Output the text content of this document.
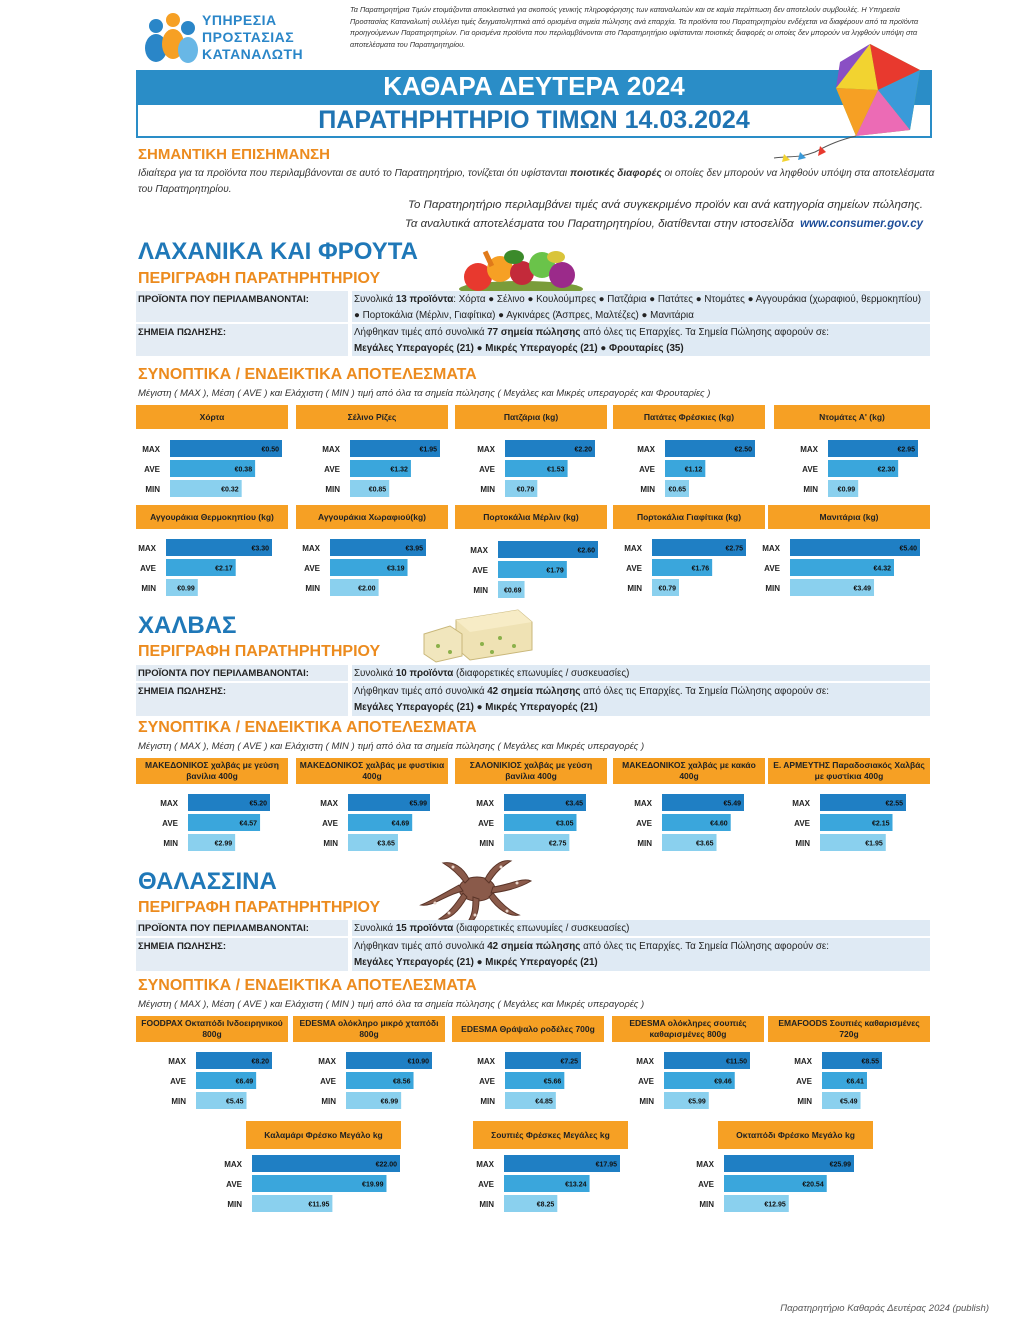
ΥΠΗΡΕΣΙΑ
ΠΡΟΣΤΑΣΙΑΣ
ΚΑΤΑΝΑΛΩΤΗ
Τα Παρατηρητήρια Τιμών ετοιμάζονται αποκλειστικά για σκοπούς γενικής πληροφόρησης των καταναλωτών και σε καμία περίπτωση δεν αποτελούν συμβουλές. Η Υπηρεσία Προστασίας Καταναλωτή συλλέγει τιμές δειγματοληπτικά από ορισμένα σημεία πώλησης ανά επαρχία. Τα προϊόντα του Παρατηρητηρίου ενδέχεται να διαφέρουν από τα προϊόντα προηγούμενων Παρατηρητηρίων. Για ορισμένα προϊόντα που περιλαμβάνονται στο Παρατηρητήριο υφίστανται ποιοτικές διαφορές οι οποίες δεν μπορούν να ληφθούν υπόψη στα αποτελέσματα του Παρατηρητηρίου.
ΚΑΘΑΡΑ ΔΕΥΤΕΡΑ 2024
ΠΑΡΑΤΗΡΗΤΗΡΙΟ ΤΙΜΩΝ 14.03.2024
ΣΗΜΑΝΤΙΚΗ ΕΠΙΣΗΜΑΝΣΗ
Ιδιαίτερα για τα προϊόντα που περιλαμβάνονται σε αυτό το Παρατηρητήριο, τονίζεται ότι υφίστανται ποιοτικές διαφορές οι οποίες δεν μπορούν να ληφθούν υπόψη στα αποτελέσματα του Παρατηρητηρίου.
Το Παρατηρητήριο περιλαμβάνει τιμές ανά συγκεκριμένο προϊόν και ανά κατηγορία σημείων πώλησης.
Τα αναλυτικά αποτελέσματα του Παρατηρητηρίου, διατίθενται στην ιστοσελίδα www.consumer.gov.cy
ΛΑΧΑΝΙΚΑ ΚΑΙ ΦΡΟΥΤΑ
ΠΕΡΙΓΡΑΦΗ ΠΑΡΑΤΗΡΗΤΗΡΙΟΥ
ΠΡΟΪΟΝΤΑ ΠΟΥ ΠΕΡΙΛΑΜΒΑΝΟΝΤΑΙ:	Συνολικά 13 προϊόντα: Χόρτα ● Σέλινο ● Κουλούμπρες ● Πατζάρια ● Πατάτες ● Ντομάτες ● Αγγουράκια (χωραφιού, θερμοκηπίου) ● Πορτοκάλια (Μέρλιν, Γιαφίτικα) ● Αγκινάρες (Άσπρες, Μαλτέζες) ● Μανιτάρια
ΣΗΜΕΙΑ ΠΩΛΗΣΗΣ:	Λήφθηκαν τιμές από συνολικά 77 σημεία πώλησης από όλες τις Επαρχίες. Τα Σημεία Πώλησης αφορούν σε:
Μεγάλες Υπεραγορές (21) ● Μικρές Υπεραγορές (21) ● Φρουταρίες (35)
ΣΥΝΟΠΤΙΚΑ / ΕΝΔΕΙΚΤΙΚΑ ΑΠΟΤΕΛΕΣΜΑΤΑ
Μέγιστη ( MAX ), Μέση ( AVE ) και Ελάχιστη ( MIN ) τιμή από όλα τα σημεία πώλησης ( Μεγάλες και Μικρές υπεραγορές και Φρουταρίες )
ΧΑΛΒΑΣ
ΠΕΡΙΓΡΑΦΗ ΠΑΡΑΤΗΡΗΤΗΡΙΟΥ
ΠΡΟΪΟΝΤΑ ΠΟΥ ΠΕΡΙΛΑΜΒΑΝΟΝΤΑΙ:	Συνολικά 10 προϊόντα (διαφορετικές επωνυμίες / συσκευασίες)
ΣΗΜΕΙΑ ΠΩΛΗΣΗΣ:	Λήφθηκαν τιμές από συνολικά 42 σημεία πώλησης από όλες τις Επαρχίες. Τα Σημεία Πώλησης αφορούν σε:
Μεγάλες Υπεραγορές (21) ● Μικρές Υπεραγορές (21)
ΣΥΝΟΠΤΙΚΑ / ΕΝΔΕΙΚΤΙΚΑ ΑΠΟΤΕΛΕΣΜΑΤΑ
Μέγιστη ( MAX ), Μέση ( AVE ) και Ελάχιστη ( MIN ) τιμή από όλα τα σημεία πώλησης ( Μεγάλες και Μικρές υπεραγορές )
ΘΑΛΑΣΣΙΝΑ
ΠΕΡΙΓΡΑΦΗ ΠΑΡΑΤΗΡΗΤΗΡΙΟΥ
ΠΡΟΪΟΝΤΑ ΠΟΥ ΠΕΡΙΛΑΜΒΑΝΟΝΤΑΙ:	Συνολικά 15 προϊόντα (διαφορετικές επωνυμίες / συσκευασίες)
ΣΗΜΕΙΑ ΠΩΛΗΣΗΣ:	Λήφθηκαν τιμές από συνολικά 42 σημεία πώλησης από όλες τις Επαρχίες. Τα Σημεία Πώλησης αφορούν σε:
Μεγάλες Υπεραγορές (21) ● Μικρές Υπεραγορές (21)
ΣΥΝΟΠΤΙΚΑ / ΕΝΔΕΙΚΤΙΚΑ ΑΠΟΤΕΛΕΣΜΑΤΑ
Μέγιστη ( MAX ), Μέση ( AVE ) και Ελάχιστη ( MIN ) τιμή από όλα τα σημεία πώλησης ( Μεγάλες και Μικρές υπεραγορές )
Χόρτα
MAX	€0.50
AVE	€0.38
MIN	€0.32
Σέλινο Ρίζες
MAX	€1.95
AVE	€1.32
MIN	€0.85
Πατζάρια (kg)
MAX	€2.20
AVE	€1.53
MIN	€0.79
Πατάτες Φρέσκιες (kg)
MAX	€2.50
AVE	€1.12
MIN €0.65
Ντομάτες Α' (kg)
MAX	€2.95
AVE	€2.30
MIN	€0.99
Αγγουράκια Θερμοκηπίου (kg)
MAX	€3.30
AVE	€2.17
MIN	€0.99
Αγγουράκια Χωραφιού(kg)
MAX	€3.95
AVE	€3.19
MIN	€2.00
Πορτοκάλια Μέρλιν (kg)
MAX	€2.60
AVE	€1.79
MIN €0.69
Πορτοκάλια Γιαφίτικα (kg)
MAX	€2.75
AVE	€1.76
MIN €0.79
Μανιτάρια (kg)
MAX	€5.40
AVE	€4.32
MIN	€3.49
ΜΑΚΕΔΟΝΙΚΟΣ χαλβάς με γεύση βανίλια 400g
MAX	€5.20
AVE	€4.57
MIN	€2.99
ΜΑΚΕΔΟΝΙΚΟΣ χαλβάς με φυστίκια 400g
MAX	€5.99
AVE	€4.69
MIN	€3.65
ΣΑΛΟΝΙΚΙΟΣ χαλβάς με γεύση βανίλια 400g
MAX	€3.45
AVE	€3.05
MIN	€2.75
ΜΑΚΕΔΟΝΙΚΟΣ χαλβάς με κακάο 400g
MAX	€5.49
AVE	€4.60
MIN	€3.65
Ε. ΑΡΜΕΥΤΗΣ Παραδοσιακός Χαλβάς με φυστίκια 400g
MAX	€2.55
AVE	€2.15
MIN	€1.95
FOODPAX Οκταπόδι Ινδοειρηνικού 800g
MAX	€8.20
AVE	€6.49
MIN	€5.45
EDESMA ολόκληρο μικρό χταπόδι 800g
MAX	€10.90
AVE	€8.56
MIN	€6.99
EDESMA Θράψαλο ροδέλες 700g
MAX	€7.25
AVE	€5.66
MIN	€4.85
EDESMA ολόκληρες σουπιές καθαρισμένες 800g
MAX	€11.50
AVE	€9.46
MIN	€5.99
EMAFOODS Σουπιές καθαρισμένες 720g
MAX	€8.55
AVE	€6.41
MIN	€5.49
Καλαμάρι Φρέσκο Μεγάλο kg
MAX	€22.00
AVE	€19.99
MIN	€11.95
Σουπιές Φρέσκες Μεγάλες kg
MAX	€17.95
AVE	€13.24
MIN	€8.25
Οκταπόδι Φρέσκο Μεγάλο kg
MAX	€25.99
AVE	€20.54
MIN	€12.95
Παρατηρητήριο Καθαράς Δευτέρας 2024 (publish)
